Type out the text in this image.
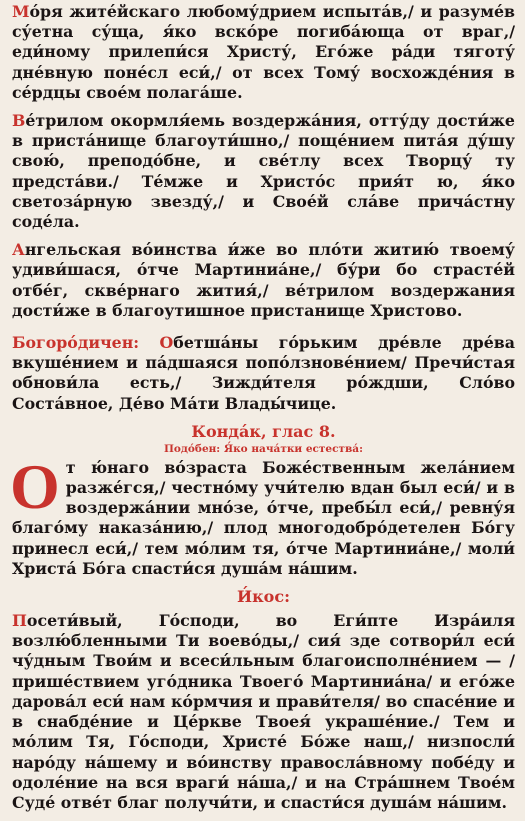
Мо́ря жите́йскаго любому́дрием испыта́в,/ и разуме́в су́етна су́ща, я́ко вско́ре погиба́юща от враг,/ еди́ному прилепи́ся Христу́, Его́же ра́ди тяготу́ дне́вную поне́сл еси́,/ от всех Тому́ восхожде́ния в се́рдцы свое́м полага́ше.

Ве́трилом окормля́емь воздержа́ния, отту́ду дости́же в приста́нище благоути́шно,/ поще́нием пита́я ду́шу свою́, преподо́бне, и све́тлу всех Творцу́ ту предста́ви./ Те́мже и Христо́с прия́т ю, я́ко светоза́рную звезду́,/ и Свое́й сла́ве прича́стну соде́ла.

Ангельская во́инства и́же во пло́ти житию́ твоему́ удиви́шася, о́тче Мартиниа́не,/ бу́ри бо страсте́й отбе́г, скве́рнаго жития́,/ ве́трилом воздержания дости́же в благоутишное пристанище Христово.

Богоро́дичен: Обетша́ны го́рьким дре́вле дре́ва вкуше́нием и па́дшаяся попо́лзнове́нием/ Пречи́стая обнови́ла есть,/ Зижди́теля ро́ждши, Сло́во Соста́вное, Де́во Ма́ти Влады́чице.

Конда́к, глас 8.
Подо́бен: Я́ко нача́тки естества́:

От ю́наго во́зраста Боже́ственным жела́нием разже́гся,/ честно́му учи́телю вдан был еси́/ и в воздержа́нии мно́зе, о́тче, пребы́л еси́,/ ревну́я благо́му наказа́нию,/ плод многодобро́детелен Бо́гу принесл еси́,/ тем мо́лим тя, о́тче Мартиниа́не,/ моли́ Христа́ Бо́га спасти́ся душа́м на́шим.

И́кос:

Посети́вый, Го́споди, во Еги́пте Изра́иля возлю́бленными Ти воево́ды,/ сия́ зде сотвори́л еси́ чу́дным Твои́м и всеси́льным благоисполне́нием — / прише́ствием уго́дника Твоего́ Мартиниа́на/ и его́же дарова́л еси́ нам ко́рмчия и прави́теля/ во спасе́ние и в снабде́ние и Це́ркве Твоея́ украше́ние./ Тем и мо́лим Тя, Го́споди, Христе́ Бо́же наш,/ низпосли́ наро́ду на́шему и во́инству правосла́вному побе́ду и одоле́ние на вся враги́ на́ша,/ и на Стра́шнем Твое́м Суде́ отве́т благ получи́ти, и спасти́ся душа́м на́шим.
